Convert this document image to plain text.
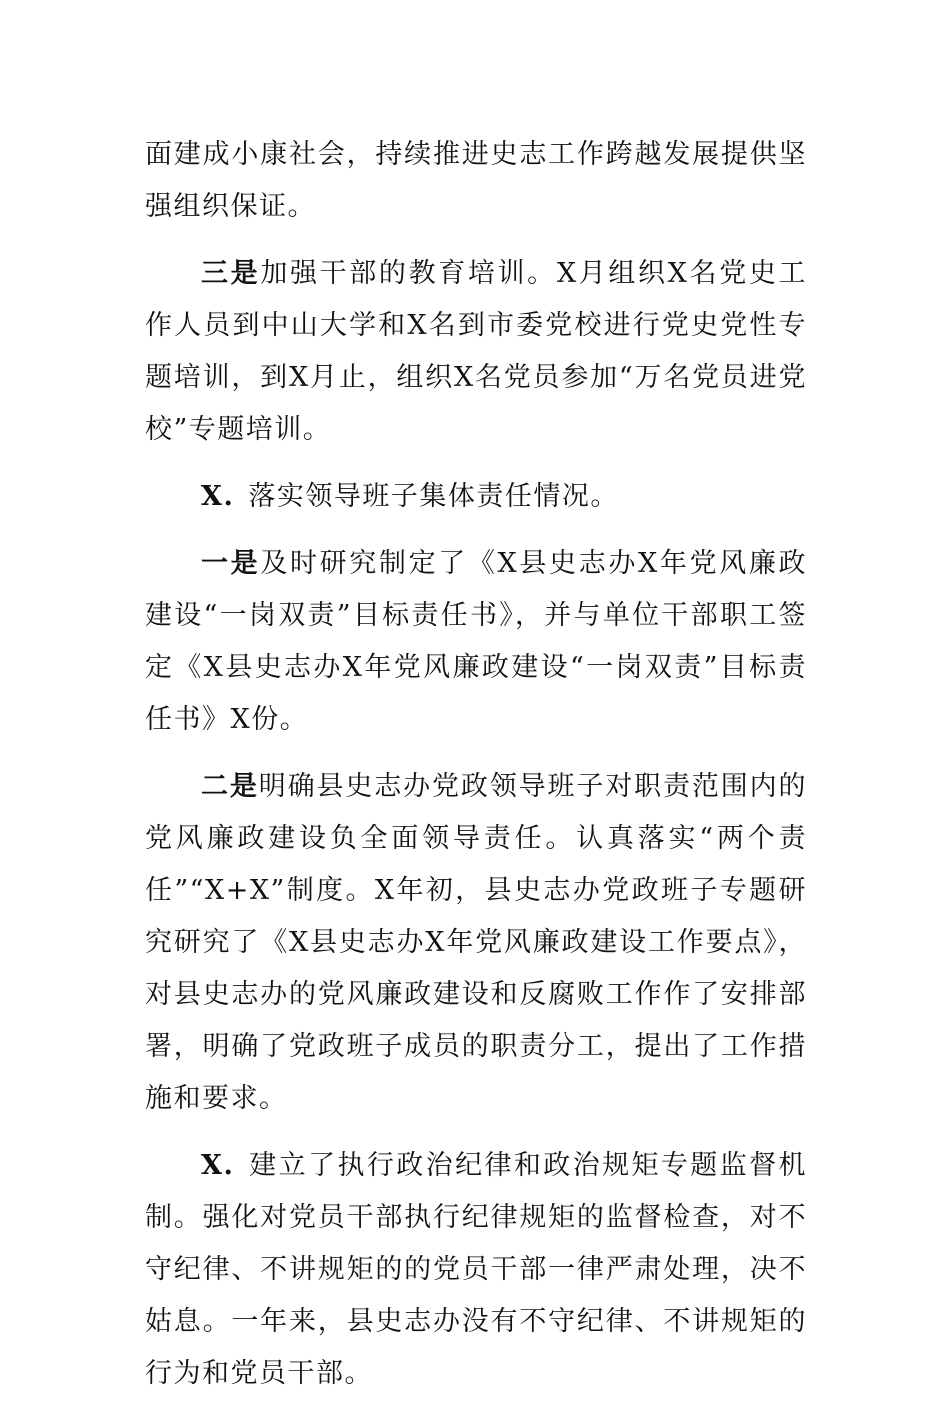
面建成小康社会，持续推进史志工作跨越发展提供坚强组织保证。

三是加强干部的教育培训。X月组织X名党史工作人员到中山大学和X名到市委党校进行党史党性专题培训，到X月止，组织X名党员参加“万名党员进党校”专题培训。

X. 落实领导班子集体责任情况。

一是及时研究制定了《X县史志办X年党风廉政建设“一岗双责”目标责任书》，并与单位干部职工签定《X县史志办X年党风廉政建设“一岗双责”目标责任书》X份。

二是明确县史志办党政领导班子对职责范围内的党风廉政建设负全面领导责任。认真落实“两个责任”“X+X”制度。X年初，县史志办党政班子专题研究研究了《X县史志办X年党风廉政建设工作要点》，对县史志办的党风廉政建设和反腐败工作作了安排部署，明确了党政班子成员的职责分工，提出了工作措施和要求。

X. 建立了执行政治纪律和政治规矩专题监督机制。强化对党员干部执行纪律规矩的监督检查，对不守纪律、不讲规矩的的党员干部一律严肃处理，决不姑息。一年来，县史志办没有不守纪律、不讲规矩的行为和党员干部。
